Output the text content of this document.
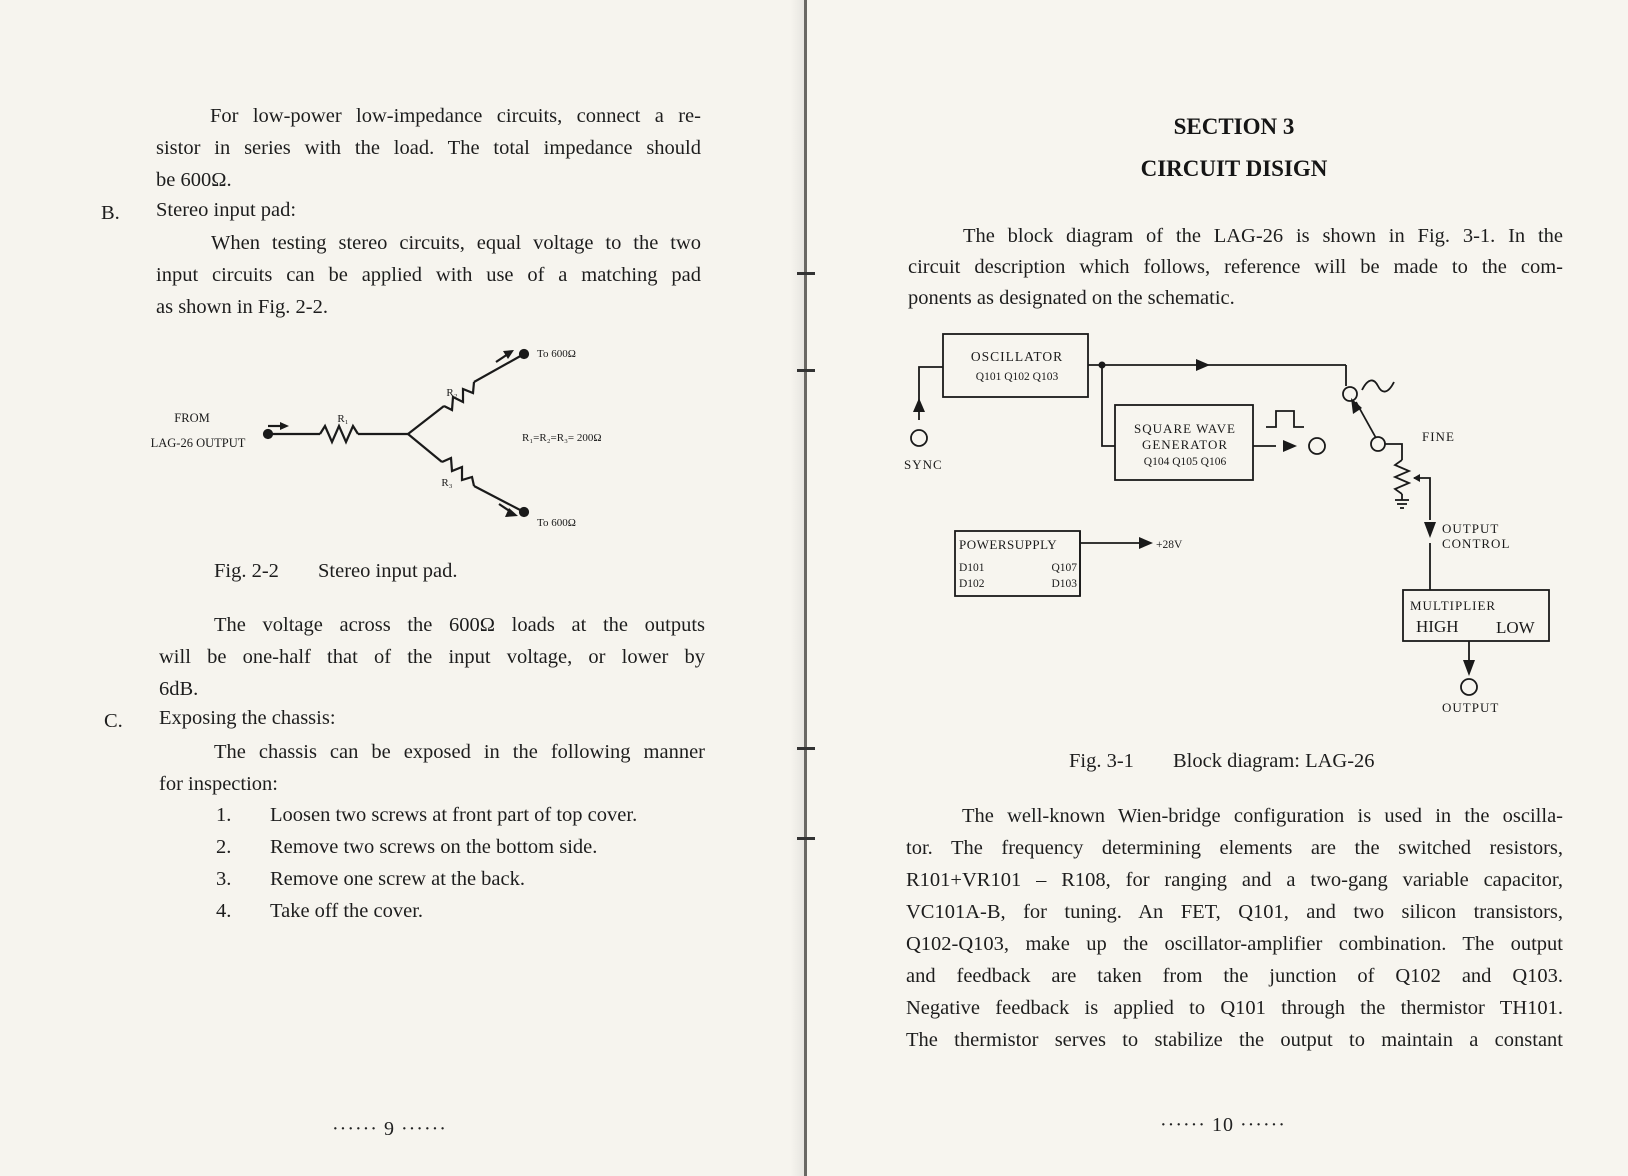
For low-power low-impedance circuits, connect a re-
sistor in series with the load. The total impedance should
be 600Ω.
B. Stereo input pad:
When testing stereo circuits, equal voltage to the two
input circuits can be applied with use of a matching pad
as shown in Fig. 2-2.
FROM
LAG-26 OUTPUT
R₁
R₂
R₃
To 600Ω
To 600Ω
R₁=R₂=R₃= 200Ω
Fig. 2-2 Stereo input pad.
The voltage across the 600Ω loads at the outputs
will be one-half that of the input voltage, or lower by
6dB.
C. Exposing the chassis:
The chassis can be exposed in the following manner
for inspection:
1. Loosen two screws at front part of top cover.
2. Remove two screws on the bottom side.
3. Remove one screw at the back.
4. Take off the cover.
······ 9 ······
SECTION 3
CIRCUIT DISIGN
The block diagram of the LAG-26 is shown in Fig. 3-1. In the
circuit description which follows, reference will be made to the com-
ponents as designated on the schematic.
OSCILLATOR
Q101 Q102 Q103
SQUARE WAVE
GENERATOR
Q104 Q105 Q106
POWERSUPPLY
D101
D102
Q107
D103
+28V
SYNC
FINE
OUTPUT
CONTROL
MULTIPLIER
HIGH LOW
OUTPUT
Fig. 3-1 Block diagram: LAG-26
The well-known Wien-bridge configuration is used in the oscilla-
tor. The frequency determining elements are the switched resistors,
R101+VR101 – R108, for ranging and a two-gang variable capacitor,
VC101A-B, for tuning. An FET, Q101, and two silicon transistors,
Q102-Q103, make up the oscillator-amplifier combination. The output
and feedback are taken from the junction of Q102 and Q103.
Negative feedback is applied to Q101 through the thermistor TH101.
The thermistor serves to stabilize the output to maintain a constant
······ 10 ······
